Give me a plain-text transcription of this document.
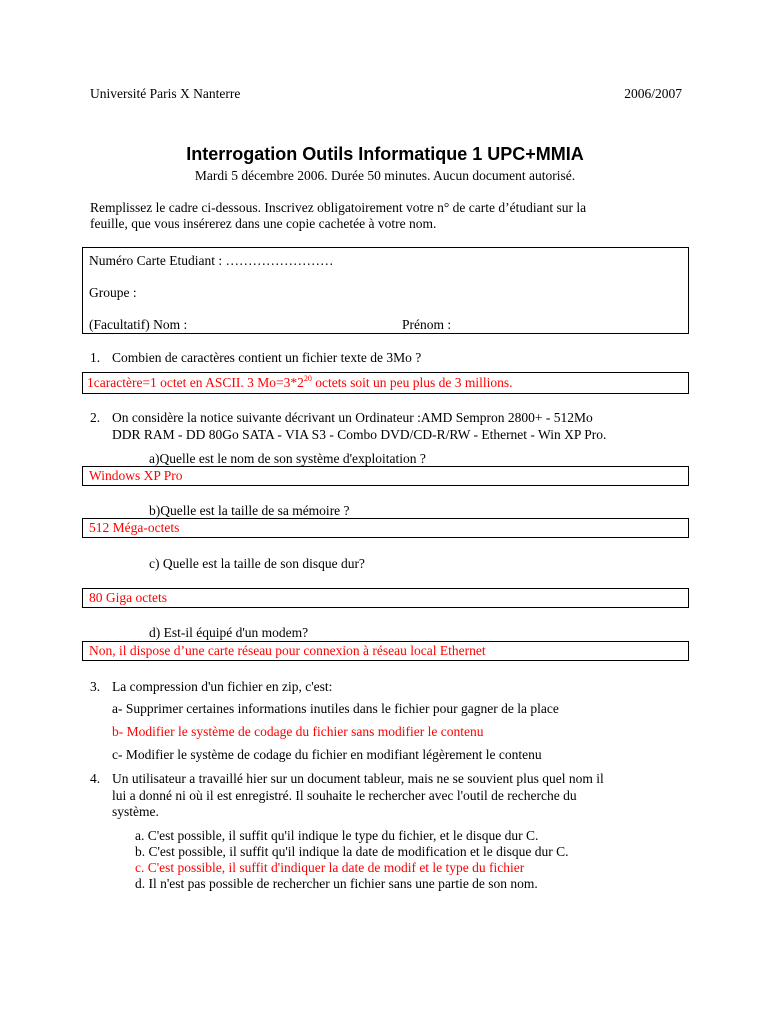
Université Paris X Nanterre	2006/2007
Interrogation Outils Informatique 1 UPC+MMIA
Mardi 5 décembre 2006. Durée 50 minutes. Aucun document autorisé.
Remplissez le cadre ci-dessous. Inscrivez obligatoirement votre n° de carte d’étudiant sur la
feuille, que vous insérerez dans une copie cachetée à votre nom.
Numéro Carte Etudiant : ……………………
Groupe :
(Facultatif) Nom :	Prénom :
1. Combien de caractères contient un fichier texte de 3Mo ?
1caractère=1 octet en ASCII. 3 $Mo=3*2^{20}$ octets soit un peu plus de 3 millions.
2. On considère la notice suivante décrivant un Ordinateur :AMD Sempron 2800+ - 512Mo
DDR RAM - DD 80Go SATA - VIA S3 - Combo DVD/CD-R/RW - Ethernet - Win XP Pro.
a)Quelle est le nom de son système d'exploitation ?
Windows XP Pro
b)Quelle est la taille de sa mémoire ?
512 Méga-octets
c) Quelle est la taille de son disque dur?
80 Giga octets
d) Est-il équipé d'un modem?
Non, il dispose d’une carte réseau pour connexion à réseau local Ethernet
3. La compression d'un fichier en zip, c'est:
a- Supprimer certaines informations inutiles dans le fichier pour gagner de la place
b- Modifier le système de codage du fichier sans modifier le contenu
c- Modifier le système de codage du fichier en modifiant légèrement le contenu
4. Un utilisateur a travaillé hier sur un document tableur, mais ne se souvient plus quel nom il
lui a donné ni où il est enregistré. Il souhaite le rechercher avec l'outil de recherche du
système.
a. C'est possible, il suffit qu'il indique le type du fichier, et le disque dur C.
b. C'est possible, il suffit qu'il indique la date de modification et le disque dur C.
c. C'est possible, il suffit d'indiquer la date de modif et le type du fichier
d. Il n'est pas possible de rechercher un fichier sans une partie de son nom.
